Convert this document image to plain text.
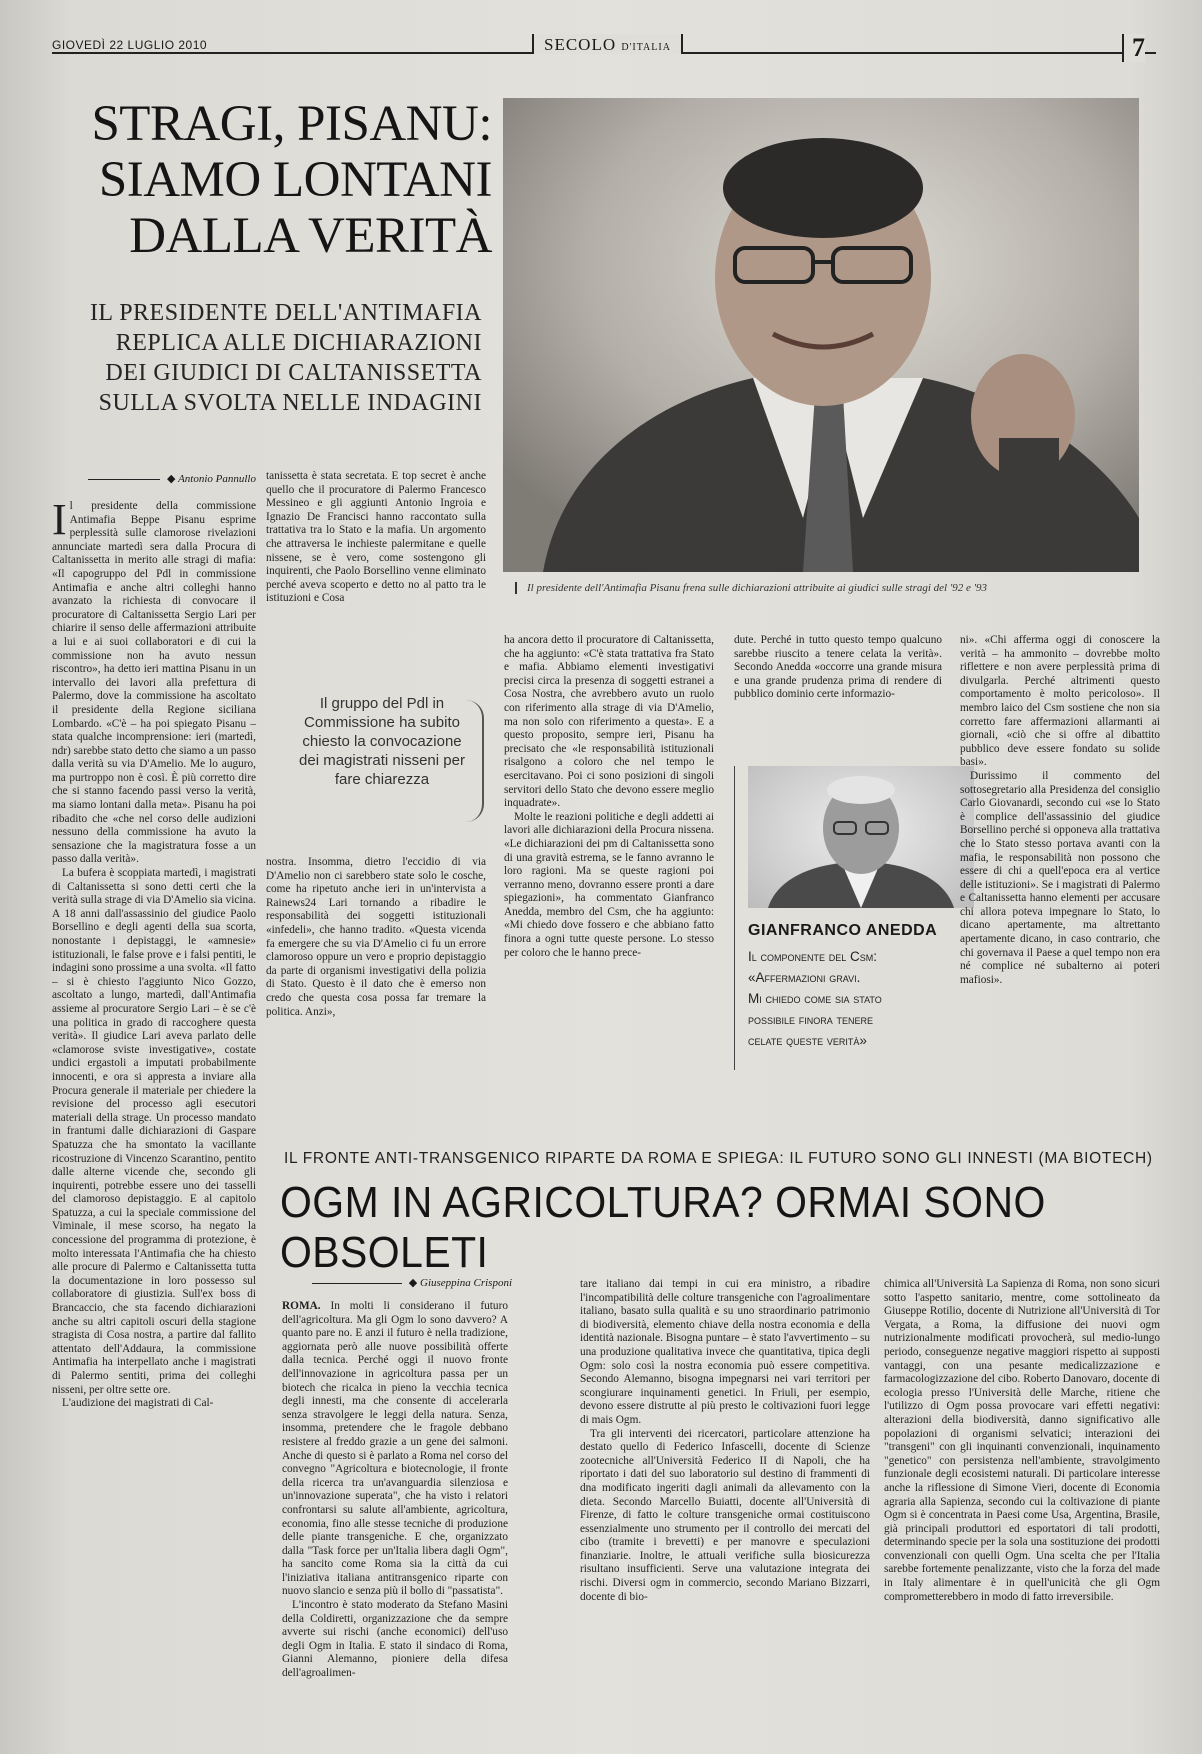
GIOVEDÌ 22 LUGLIO 2010	SECOLO D'ITALIA	7
STRAGI, PISANU:
SIAMO LONTANI
DALLA VERITÀ
IL PRESIDENTE DELL'ANTIMAFIA
REPLICA ALLE DICHIARAZIONI
DEI GIUDICI DI CALTANISSETTA
SULLA SVOLTA NELLE INDAGINI
Il presidente dell'Antimafia Pisanu frena sulle dichiarazioni attribuite ai giudici sulle stragi del '92 e '93
◆ Antonio Pannullo

Il presidente della commissione Antimafia Beppe Pisanu esprime perplessità sulle clamorose rivelazioni annunciate martedì sera dalla Procura di Caltanissetta in merito alle stragi di mafia: «Il capogruppo del Pdl in commissione Antimafia e anche altri colleghi hanno avanzato la richiesta di convocare il procuratore di Caltanissetta Sergio Lari per chiarire il senso delle affermazioni attribuite a lui e ai suoi collaboratori e di cui la commissione non ha avuto nessun riscontro», ha detto ieri mattina Pisanu in un intervallo dei lavori alla prefettura di Palermo, dove la commissione ha ascoltato il presidente della Regione siciliana Lombardo. «C'è – ha poi spiegato Pisanu – stata qualche incomprensione: ieri (martedì, ndr) sarebbe stato detto che siamo a un passo dalla verità su via D'Amelio. Me lo auguro, ma purtroppo non è così. È più corretto dire che si stanno facendo passi verso la verità, ma siamo lontani dalla meta». Pisanu ha poi ribadito che «che nel corso delle audizioni nessuno della commissione ha avuto la sensazione che la magistratura fosse a un passo dalla verità».

La bufera è scoppiata martedì, i magistrati di Caltanissetta si sono detti certi che la verità sulla strage di via D'Amelio sia vicina. A 18 anni dall'assassinio del giudice Paolo Borsellino e degli agenti della sua scorta, nonostante i depistaggi, le «amnesie» istituzionali, le false prove e i falsi pentiti, le indagini sono prossime a una svolta. «Il fatto – si è chiesto l'aggiunto Nico Gozzo, ascoltato a lungo, martedì, dall'Antimafia assieme al procuratore Sergio Lari – è se c'è una politica in grado di raccoghere questa verità». Il giudice Lari aveva parlato delle «clamorose sviste investigative», costate undici ergastoli a imputati probabilmente innocenti, e ora si appresta a inviare alla Procura generale il materiale per chiedere la revisione del processo agli esecutori materiali della strage. Un processo mandato in frantumi dalle dichiarazioni di Gaspare Spatuzza che ha smontato la vacillante ricostruzione di Vincenzo Scarantino, pentito dalle alterne vicende che, secondo gli inquirenti, potrebbe essere uno dei tasselli del clamoroso depistaggio. E al capitolo Spatuzza, a cui la speciale commissione del Viminale, il mese scorso, ha negato la concessione del programma di protezione, è molto interessata l'Antimafia che ha chiesto alle procure di Palermo e Caltanissetta tutta la documentazione in loro possesso sul collaboratore di giustizia. Sull'ex boss di Brancaccio, che sta facendo dichiarazioni anche su altri capitoli oscuri della stagione stragista di Cosa nostra, a partire dal fallito attentato dell'Addaura, la commissione Antimafia ha interpellato anche i magistrati di Palermo sentiti, prima dei colleghi nisseni, per oltre sette ore.

L'audizione dei magistrati di Cal-

tanissetta è stata secretata. E top secret è anche quello che il procuratore di Palermo Francesco Messineo e gli aggiunti Antonio Ingroia e Ignazio De Francisci hanno raccontato sulla trattativa tra lo Stato e la mafia. Un argomento che attraversa le inchieste palermitane e quelle nissene, se è vero, come sostengono gli inquirenti, che Paolo Borsellino venne eliminato perché aveva scoperto e detto no al patto tra le istituzioni e Cosa

Il gruppo del Pdl in Commissione ha subito chiesto la convocazione dei magistrati nisseni per fare chiarezza

nostra. Insomma, dietro l'eccidio di via D'Amelio non ci sarebbero state solo le cosche, come ha ripetuto anche ieri in un'intervista a Rainews24 Lari tornando a ribadire le responsabilità dei soggetti istituzionali «infedeli», che hanno tradito. «Questa vicenda fa emergere che su via D'Amelio ci fu un errore clamoroso oppure un vero e proprio depistaggio da parte di organismi investigativi della polizia di Stato. Questo è il dato che è emerso non credo che questa cosa possa far tremare la politica. Anzi»,

ha ancora detto il procuratore di Caltanissetta, che ha aggiunto: «C'è stata trattativa fra Stato e mafia. Abbiamo elementi investigativi precisi circa la presenza di soggetti estranei a Cosa Nostra, che avrebbero avuto un ruolo con riferimento alla strage di via D'Amelio, ma non solo con riferimento a questa». E a questo proposito, sempre ieri, Pisanu ha precisato che «le responsabilità istituzionali risalgono a coloro che nel tempo le esercitavano. Poi ci sono posizioni di singoli servitori dello Stato che devono essere meglio inquadrate».

Molte le reazioni politiche e degli addetti ai lavori alle dichiarazioni della Procura nissena. «Le dichiarazioni dei pm di Caltanissetta sono di una gravità estrema, se le fanno avranno le loro ragioni. Ma se queste ragioni poi verranno meno, dovranno essere pronti a dare spiegazioni», ha commentato Gianfranco Anedda, membro del Csm, che ha aggiunto: «Mi chiedo dove fossero e che abbiano fatto finora a ogni tutte queste persone. Lo stesso per coloro che le hanno prece-

dute. Perché in tutto questo tempo qualcuno sarebbe riuscito a tenere celata la verità». Secondo Anedda «occorre una grande misura e una grande prudenza prima di rendere di pubblico dominio certe informazio-

GIANFRANCO ANEDDA
Il componente del Csm:
«Affermazioni gravi.
Mi chiedo come sia stato
possibile finora tenere
celate queste verità»

ni». «Chi afferma oggi di conoscere la verità – ha ammonito – dovrebbe molto riflettere e non avere perplessità prima di divulgarla. Perché altrimenti questo comportamento è molto pericoloso». Il membro laico del Csm sostiene che non sia corretto fare affermazioni allarmanti ai giornali, «ciò che si offre al dibattito pubblico deve essere fondato su solide basi».

Durissimo il commento del sottosegretario alla Presidenza del consiglio Carlo Giovanardi, secondo cui «se lo Stato è complice dell'assassinio del giudice Borsellino perché si opponeva alla trattativa che lo Stato stesso portava avanti con la mafia, le responsabilità non possono che essere di chi a quell'epoca era al vertice delle istituzioni». Se i magistrati di Palermo e Caltanissetta hanno elementi per accusare chi allora poteva impegnare lo Stato, lo dicano apertamente, ma altrettanto apertamente dicano, in caso contrario, che chi governava il Paese a quel tempo non era né complice né subalterno ai poteri mafiosi».

IL FRONTE ANTI-TRANSGENICO RIPARTE DA ROMA E SPIEGA: IL FUTURO SONO GLI INNESTI (MA BIOTECH)
OGM IN AGRICOLTURA? ORMAI SONO OBSOLETI
◆ Giuseppina Crisponi

ROMA. In molti li considerano il futuro dell'agricoltura. Ma gli Ogm lo sono davvero? A quanto pare no. E anzi il futuro è nella tradizione, aggiornata però alle nuove possibilità offerte dalla tecnica. Perché oggi il nuovo fronte dell'innovazione in agricoltura passa per un biotech che ricalca in pieno la vecchia tecnica degli innesti, ma che consente di accelerarla senza stravolgere le leggi della natura. Senza, insomma, pretendere che le fragole debbano resistere al freddo grazie a un gene dei salmoni. Anche di questo si è parlato a Roma nel corso del convegno "Agricoltura e biotecnologie, il fronte della ricerca tra un'avanguardia silenziosa e un'innovazione superata", che ha visto i relatori confrontarsi su salute all'ambiente, agricoltura, economia, fino alle stesse tecniche di produzione delle piante transgeniche. E che, organizzato dalla "Task force per un'Italia libera dagli Ogm", ha sancito come Roma sia la città da cui l'iniziativa italiana antitransgenico riparte con nuovo slancio e senza più il bollo di "passatista".

L'incontro è stato moderato da Stefano Masini della Coldiretti, organizzazione che da sempre avverte sui rischi (anche economici) dell'uso degli Ogm in Italia. E stato il sindaco di Roma, Gianni Alemanno, pioniere della difesa dell'agroalimen-

tare italiano dai tempi in cui era ministro, a ribadire l'incompatibilità delle colture transgeniche con l'agroalimentare italiano, basato sulla qualità e su uno straordinario patrimonio di biodiversità, elemento chiave della nostra economia e della identità nazionale. Bisogna puntare – è stato l'avvertimento – su una produzione qualitativa invece che quantitativa, tipica degli Ogm: solo così la nostra economia può essere competitiva. Secondo Alemanno, bisogna impegnarsi nei vari territori per scongiurare inquinamenti genetici. In Friuli, per esempio, devono essere distrutte al più presto le coltivazioni fuori legge di mais Ogm.

Tra gli interventi dei ricercatori, particolare attenzione ha destato quello di Federico Infascelli, docente di Scienze zootecniche all'Università Federico II di Napoli, che ha riportato i dati del suo laboratorio sul destino di frammenti di dna modificato ingeriti dagli animali da allevamento con la dieta. Secondo Marcello Buiatti, docente all'Università di Firenze, di fatto le colture transgeniche ormai costituiscono essenzialmente uno strumento per il controllo dei mercati del cibo (tramite i brevetti) e per manovre e speculazioni finanziarie. Inoltre, le attuali verifiche sulla biosicurezza risultano insufficienti. Serve una valutazione integrata dei rischi. Diversi ogm in commercio, secondo Mariano Bizzarri, docente di bio-

chimica all'Università La Sapienza di Roma, non sono sicuri sotto l'aspetto sanitario, mentre, come sottolineato da Giuseppe Rotilio, docente di Nutrizione all'Università di Tor Vergata, a Roma, la diffusione dei nuovi ogm nutrizionalmente modificati provocherà, sul medio-lungo periodo, conseguenze negative maggiori rispetto ai supposti vantaggi, con una pesante medicalizzazione e farmacologizzazione del cibo. Roberto Danovaro, docente di ecologia presso l'Università delle Marche, ritiene che l'utilizzo di Ogm possa provocare vari effetti negativi: alterazioni della biodiversità, danno significativo alle popolazioni di organismi selvatici; interazioni dei "transgeni" con gli inquinanti convenzionali, inquinamento "genetico" con persistenza nell'ambiente, stravolgimento funzionale degli ecosistemi naturali. Di particolare interesse anche la riflessione di Simone Vieri, docente di Economia agraria alla Sapienza, secondo cui la coltivazione di piante Ogm si è concentrata in Paesi come Usa, Argentina, Brasile, già principali produttori ed esportatori di tali prodotti, determinando specie per la sola una sostituzione dei prodotti convenzionali con quelli Ogm. Una scelta che per l'Italia sarebbe fortemente penalizzante, visto che la forza del made in Italy alimentare è in quell'unicità che gli Ogm comprometterebbero in modo di fatto irreversibile.
